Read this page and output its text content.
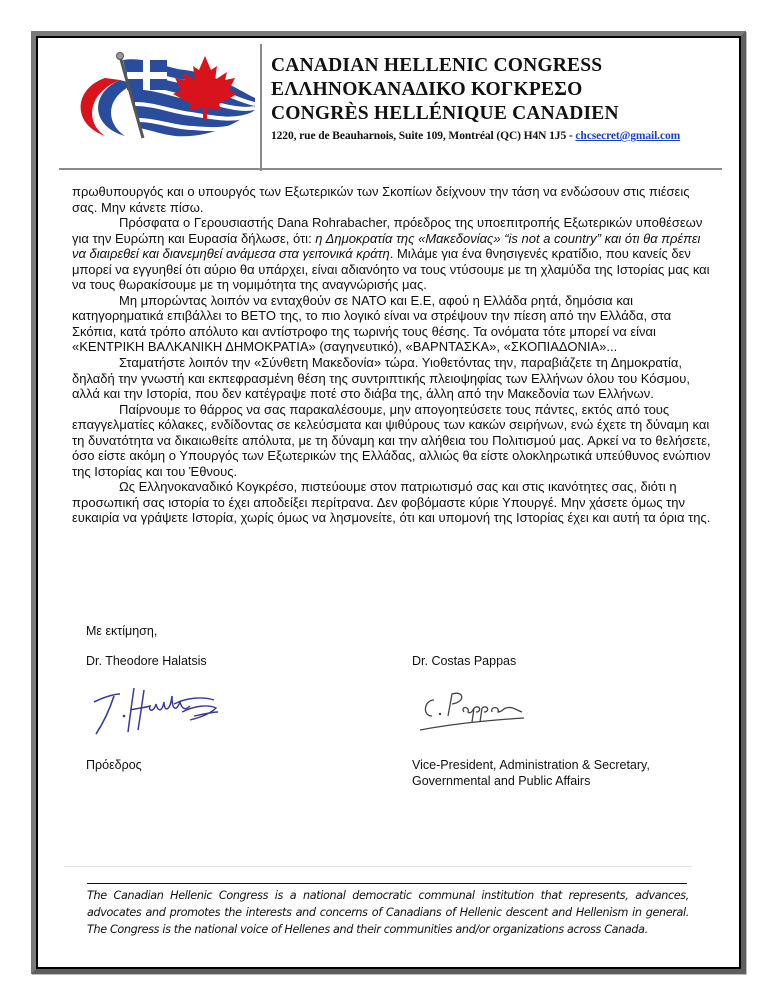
CANADIAN HELLENIC CONGRESS
ΕΛΛΗΝΟΚΑΝΑΔΙΚΟ ΚΟΓΚΡΕΣΟ
CONGRÈS HELLÉNIQUE CANADIEN
1220, rue de Beauharnois, Suite 109, Montréal (QC) H4N 1J5 - chcsecret@gmail.com

πρωθυπουργός και ο υπουργός των Εξωτερικών των Σκοπίων δείχνουν την τάση να ενδώσουν στις πιέσεις σας. Μην κάνετε πίσω.

Πρόσφατα ο Γερουσιαστής Dana Rohrabacher, πρόεδρος της υποεπιτροπής Εξωτερικών υποθέσεων για την Ευρώπη και Ευρασία δήλωσε, ότι: η Δημοκρατία της «Μακεδονίας» “is not a country” και ότι θα πρέπει να διαιρεθεί και διανεμηθεί ανάμεσα στα γειτονικά κράτη. Μιλάμε για ένα θνησιγενές κρατίδιο, που κανείς δεν μπορεί να εγγυηθεί ότι αύριο θα υπάρχει, είναι αδιανόητο να τους ντύσουμε με τη χλαμύδα της Ιστορίας μας και να τους θωρακίσουμε με τη νομιμότητα της αναγνώρισής μας.

Μη μπορώντας λοιπόν να ενταχθούν σε ΝΑΤΟ και Ε.Ε, αφού η Ελλάδα ρητά, δημόσια και κατηγορηματικά επιβάλλει το ΒΕΤΟ της, το πιο λογικό είναι να στρέψουν την πίεση από την Ελλάδα, στα Σκόπια, κατά τρόπο απόλυτο και αντίστροφο της τωρινής τους θέσης. Τα ονόματα τότε μπορεί να είναι «ΚΕΝΤΡΙΚΗ ΒΑΛΚΑΝΙΚΗ ΔΗΜΟΚΡΑΤΙΑ» (σαγηνευτικό), «ΒΑΡΝΤΑΣΚΑ», «ΣΚΟΠΙΑΔΟΝΙΑ»...

Σταματήστε λοιπόν την «Σύνθετη Μακεδονία» τώρα. Υιοθετόντας την, παραβιάζετε τη Δημοκρατία, δηλαδή την γνωστή και εκπεφρασμένη θέση της συντριπτικής πλειοψηφίας των Ελλήνων όλου του Κόσμου, αλλά και την Ιστορία, που δεν κατέγραψε ποτέ στο διάβα της, άλλη από την Μακεδονία των Ελλήνων.

Παίρνουμε το θάρρος να σας παρακαλέσουμε, μην απογοητεύσετε τους πάντες, εκτός από τους επαγγελματίες κόλακες, ενδίδοντας σε κελεύσματα και ψιθύρους των κακών σειρήνων, ενώ έχετε τη δύναμη και τη δυνατότητα να δικαιωθείτε απόλυτα, με τη δύναμη και την αλήθεια του Πολιτισμού μας. Αρκεί να το θελήσετε, όσο είστε ακόμη ο Υπουργός των Εξωτερικών της Ελλάδας, αλλιώς θα είστε ολοκληρωτικά υπεύθυνος ενώπιον της Ιστορίας και του Έθνους.

Ως Ελληνοκαναδικό Κογκρέσο, πιστεύουμε στον πατριωτισμό σας και στις ικανότητες σας, διότι η προσωπική σας ιστορία το έχει αποδείξει περίτρανα. Δεν φοβόμαστε κύριε Υπουργέ. Μην χάσετε όμως την ευκαιρία να γράψετε Ιστορία, χωρίς όμως να λησμονείτε, ότι και υπομονή της Ιστορίας έχει και αυτή τα όρια της.

Με εκτίμηση,
Dr. Theodore Halatsis
Πρόεδρος
Dr. Costas Pappas
Vice-President, Administration & Secretary,
Governmental and Public Affairs
The Canadian Hellenic Congress is a national democratic communal institution that represents, advances, advocates and promotes the interests and concerns of Canadians of Hellenic descent and Hellenism in general. The Congress is the national voice of Hellenes and their communities and/or organizations across Canada.
